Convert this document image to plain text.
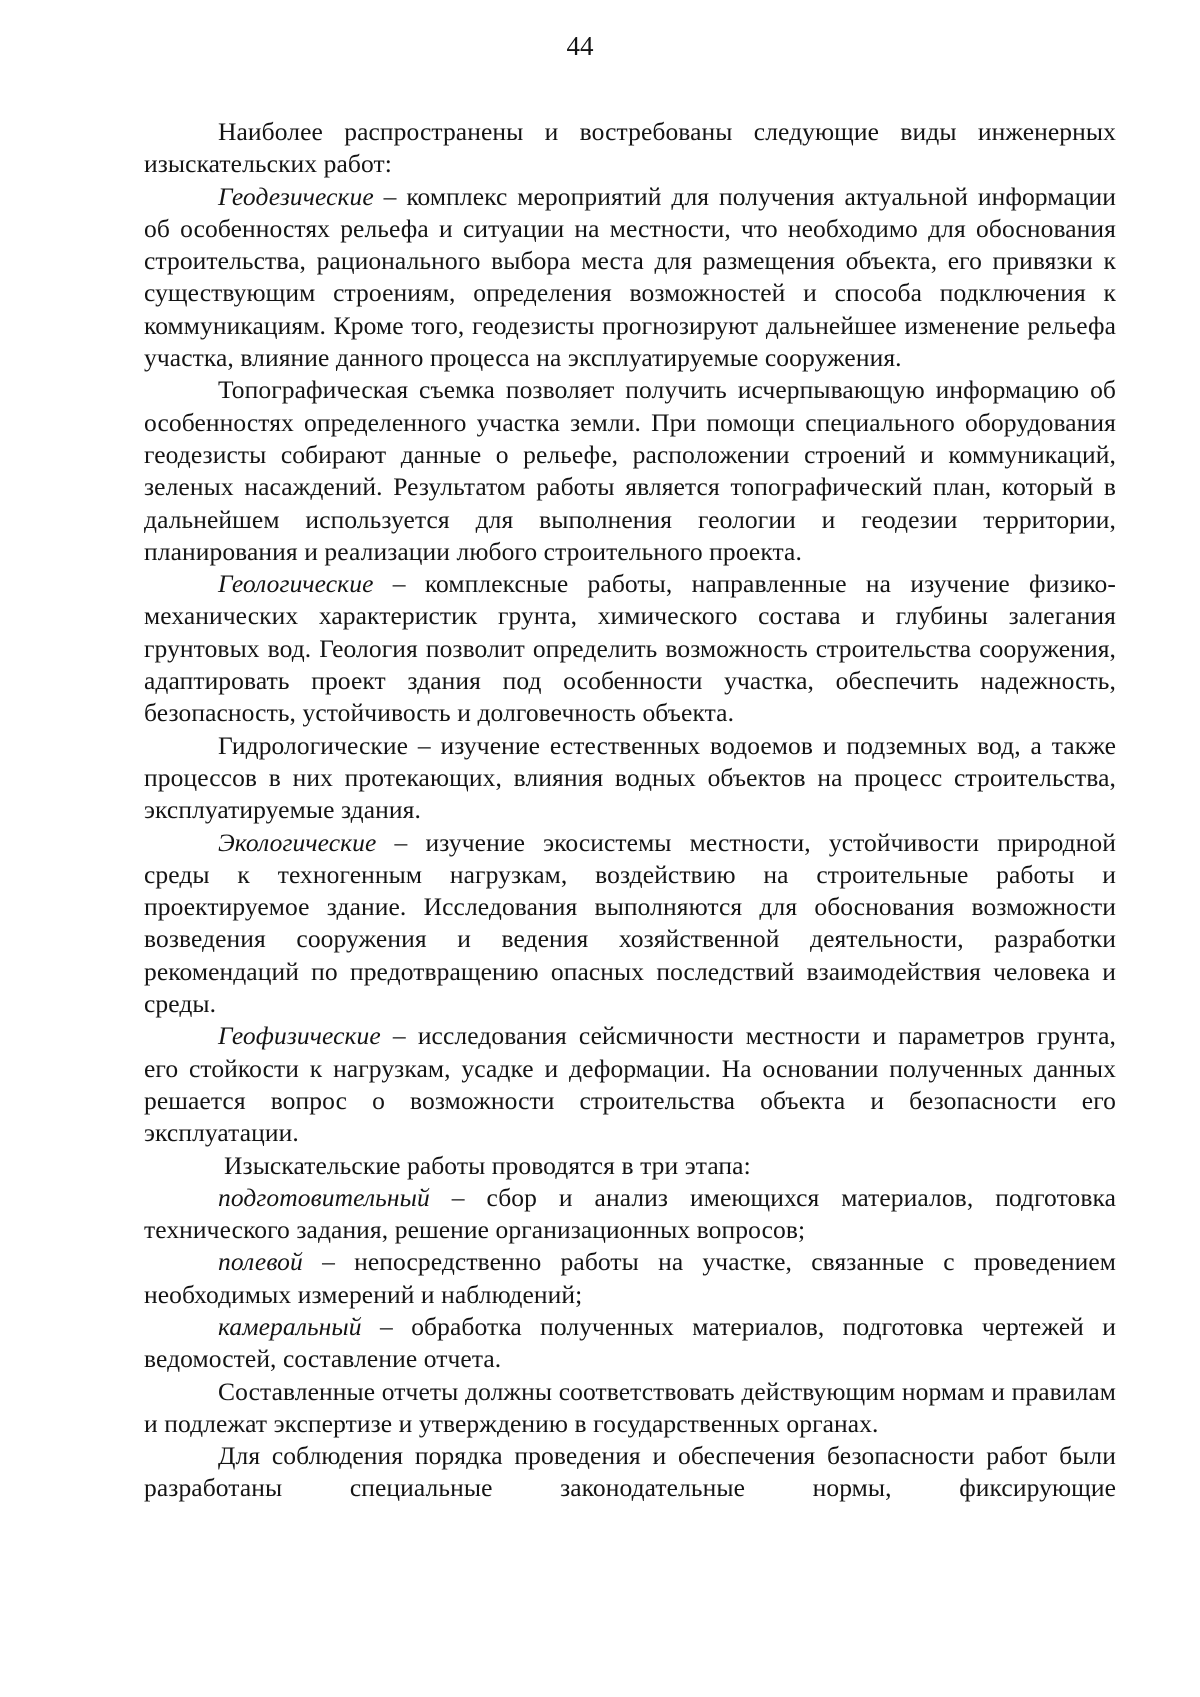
44

Наиболее распространены и востребованы следующие виды инженерных изыскательских работ:

Геодезические – комплекс мероприятий для получения актуальной информации об особенностях рельефа и ситуации на местности, что необходимо для обоснования строительства, рационального выбора места для размещения объекта, его привязки к существующим строениям, определения возможностей и способа подключения к коммуникациям. Кроме того, геодезисты прогнозируют дальнейшее изменение рельефа участка, влияние данного процесса на эксплуатируемые сооружения.

Топографическая съемка позволяет получить исчерпывающую информацию об особенностях определенного участка земли. При помощи специального оборудования геодезисты собирают данные о рельефе, расположении строений и коммуникаций, зеленых насаждений. Результатом работы является топографический план, который в дальнейшем используется для выполнения геологии и геодезии территории, планирования и реализации любого строительного проекта.

Геологические – комплексные работы, направленные на изучение физико-механических характеристик грунта, химического состава и глубины залегания грунтовых вод. Геология позволит определить возможность строительства сооружения, адаптировать проект здания под особенности участка, обеспечить надежность, безопасность, устойчивость и долговечность объекта.

Гидрологические – изучение естественных водоемов и подземных вод, а также процессов в них протекающих, влияния водных объектов на процесс строительства, эксплуатируемые здания.

Экологические – изучение экосистемы местности, устойчивости природной среды к техногенным нагрузкам, воздействию на строительные работы и проектируемое здание. Исследования выполняются для обоснования возможности возведения сооружения и ведения хозяйственной деятельности, разработки рекомендаций по предотвращению опасных последствий взаимодействия человека и среды.

Геофизические – исследования сейсмичности местности и параметров грунта, его стойкости к нагрузкам, усадке и деформации. На основании полученных данных решается вопрос о возможности строительства объекта и безопасности его эксплуатации.

Изыскательские работы проводятся в три этапа:

подготовительный – сбор и анализ имеющихся материалов, подготовка технического задания, решение организационных вопросов;

полевой – непосредственно работы на участке, связанные с проведением необходимых измерений и наблюдений;

камеральный – обработка полученных материалов, подготовка чертежей и ведомостей, составление отчета.

Составленные отчеты должны соответствовать действующим нормам и правилам и подлежат экспертизе и утверждению в государственных органах.

Для соблюдения порядка проведения и обеспечения безопасности работ были разработаны специальные законодательные нормы, фиксирующие
